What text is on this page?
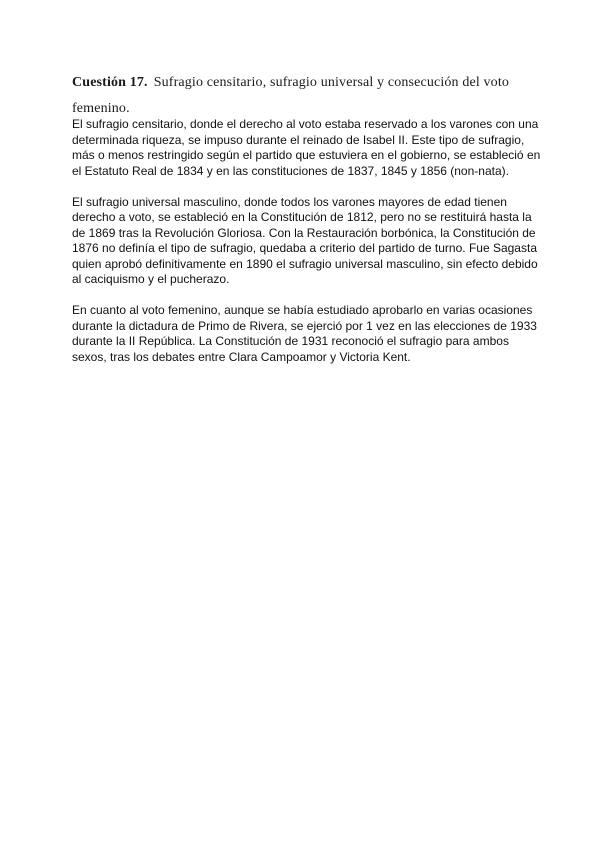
Cuestión 17. Sufragio censitario, sufragio universal y consecución del voto femenino.

El sufragio censitario, donde el derecho al voto estaba reservado a los varones con una determinada riqueza, se impuso durante el reinado de Isabel II. Este tipo de sufragio, más o menos restringido según el partido que estuviera en el gobierno, se estableció en el Estatuto Real de 1834 y en las constituciones de 1837, 1845 y 1856 (non-nata).

El sufragio universal masculino, donde todos los varones mayores de edad tienen derecho a voto, se estableció en la Constitución de 1812, pero no se restituirá hasta la de 1869 tras la Revolución Gloriosa. Con la Restauración borbónica, la Constitución de 1876 no definía el tipo de sufragio, quedaba a criterio del partido de turno. Fue Sagasta quien aprobó definitivamente en 1890 el sufragio universal masculino, sin efecto debido al caciquismo y el pucherazo.

En cuanto al voto femenino, aunque se había estudiado aprobarlo en varias ocasiones durante la dictadura de Primo de Rivera, se ejerció por 1 vez en las elecciones de 1933 durante la II República. La Constitución de 1931 reconoció el sufragio para ambos sexos, tras los debates entre Clara Campoamor y Victoria Kent.
